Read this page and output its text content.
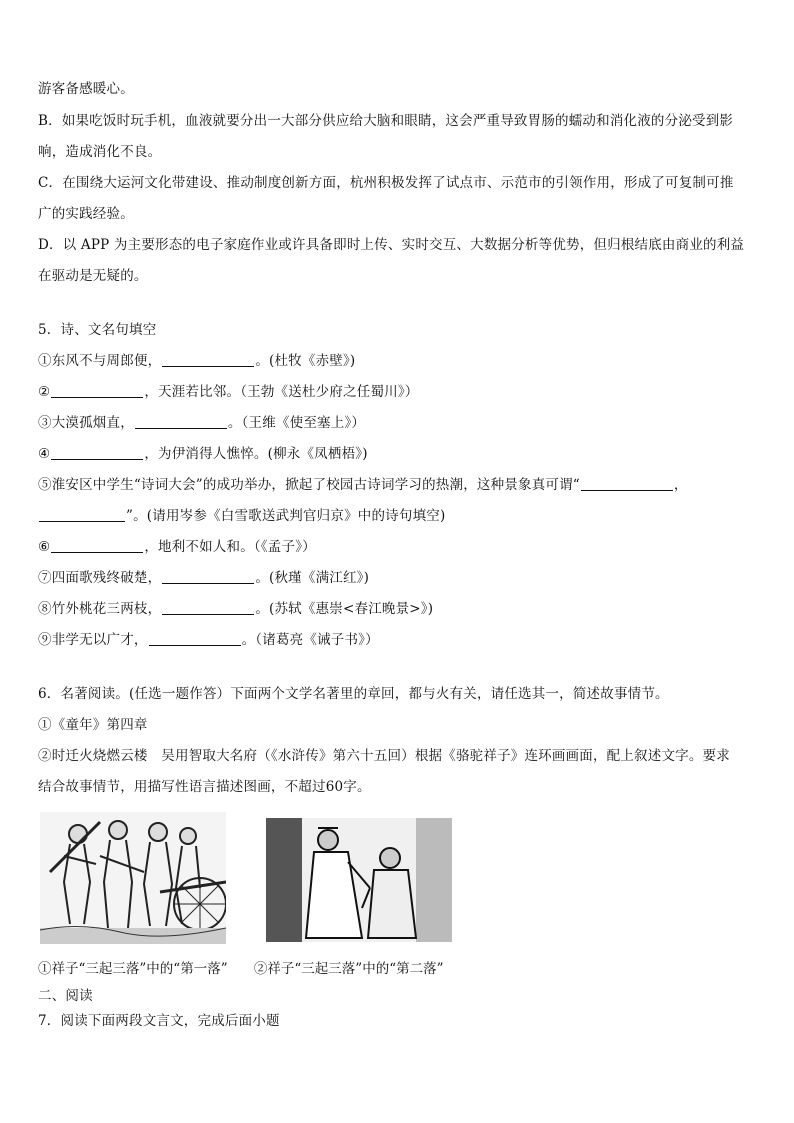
游客备感暖心。
B．如果吃饭时玩手机，血液就要分出一大部分供应给大脑和眼睛，这会严重导致胃肠的蠕动和消化液的分泌受到影
响，造成消化不良。
C．在围绕大运河文化带建设、推动制度创新方面，杭州积极发挥了试点市、示范市的引领作用，形成了可复制可推
广的实践经验。
D．以 APP 为主要形态的电子家庭作业或许具备即时上传、实时交互、大数据分析等优势，但归根结底由商业的利益
在驱动是无疑的。
5．诗、文名句填空
①东风不与周郎便，	。(杜牧《赤壁》)
②	，天涯若比邻。（王勃《送杜少府之任蜀川》）
③大漠孤烟直，	。（王维《使至塞上》）
④	，为伊消得人憔悴。(柳永《凤栖梧》)
⑤淮安区中学生“诗词大会”的成功举办，掀起了校园古诗词学习的热潮，这种景象真可谓“	，
”。(请用岑参《白雪歌送武判官归京》中的诗句填空)
⑥	，地利不如人和。（《孟子》）
⑦四面歌残终破楚，	。(秋瑾《满江红》)
⑧竹外桃花三两枝，	。(苏轼《惠崇<春江晚景>》)
⑨非学无以广才，	。（诸葛亮《诫子书》）
6．名著阅读。(任选一题作答）下面两个文学名著里的章回，都与火有关，请任选其一，简述故事情节。
①《童年》第四章
②时迁火烧燃云楼　吴用智取大名府（《水浒传》第六十五回）根据《骆驼祥子》连环画画面，配上叙述文字。要求
结合故事情节，用描写性语言描述图画，不超过60字。
①祥子“三起三落”中的“第一落” ②祥子“三起三落”中的“第二落”
二、阅读
7．阅读下面两段文言文，完成后面小题
